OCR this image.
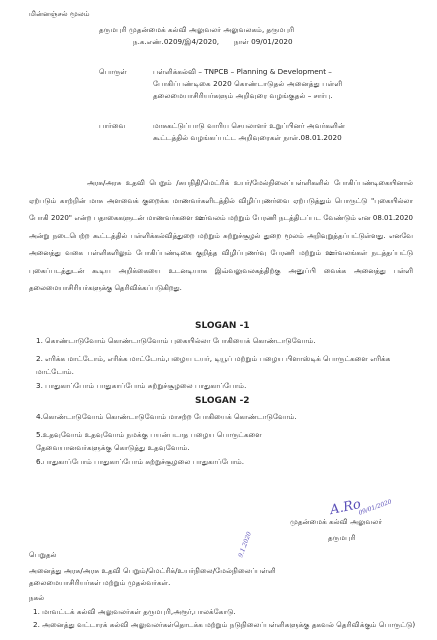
மின்னஞ்சல் மூலம்
தருமபுரி முதன்மைக் கல்வி அலுவலர் அலுவலகம், தருமபுரி
ந.க.எண்.0209/இ4/2020, நாள் 09/01/2020
பொருள்	பள்ளிக்கல்வி – TNPCB – Planning & Development –
போகிப்பண்டிகை 2020 கொண்டாடுதல் அனைத்து பள்ளி
தலைமையாசிரியர்களும் அறிவுரை வழங்குதல் – சார்பு.
பார்வை	மாசுகட்டுப்பாடு வாரிய செயலாளர் உறுப்பினர் அவர்களின்
கூட்டத்தில் வழங்கப்பட்ட அறிவுரைகள் நாள்.08.01.2020
அரசு/அரசு உதவி பெறும் /சுயநிதி/மெட்ரிக் உயர்/மேல்நிலைப்பள்ளிகளில் போகிப்பண்டிகையினால் ஏற்படும் காற்றின் மாசு அளவைக் குறைக்க மாணவர்களிடத்தில் விழிப்புணர்வை ஏற்படுத்தும் பொருட்டு "புகையில்லா போகி 2020" என்ற பதாகைகளுடன் மாணவர்களை ஊர்வலம் மற்றும் பேரணி நடத்திடப்பட வேண்டும் என 08.01.2020 அன்று நடைபெற்ற கூட்டத்தில் பள்ளிக்கல்வித்துறை மற்றும் சுற்றுச்சூழல் துறை மூலம் அறிவுறுத்தப்பட்டுள்ளது. எனவே அனைத்து வகை பள்ளிகளிலும் போகிப்பண்டிகை குறித்த விழிப்புணர்வு பேரணி மற்றும் ஊர்வலங்கள் நடத்தப்பட்டு புகைப்படத்துடன் கூடிய அறிக்கையை உடனடியாக இவ்வலுவலகத்திற்கு அனுப்பி வைக்க அனைத்து பள்ளி தலைமையாசிரியர்களுக்கு தெரிவிக்கப்படுகிறது.
SLOGAN -1
1. கொண்டாடுவோம் கொண்டாடுவோம் புகையில்லா போகியைக் கொண்டாடுவோம்.
2. எரிக்க மாட்டோம், எரிக்க மாட்டோம்,பழைய டயர், டியூப் மற்றும் பழைய பிளாஸ்டிக் பொருட்களை எரிக்க மாட்டோம்.
3. பாதுகாப்போம் பாதுகாப்போம் சுற்றுச்சூழலை பாதுகாப்போம்.
SLOGAN -2
4.கொண்டாடுவோம் கொண்டாடுவோம் மாசற்ற போகியைக் கொண்டாடுவோம்.
5.உதவுவோம் உதவுவோம் நமக்கு பயன்படாத பழைய பொருட்களை தேவையானவர்களுக்கு கொடுத்து உதவுவோம்.
6.பாதுகாப்போம் பாதுகாப்போம் சுற்றுச்சூழலை பாதுகாப்போம்.
A.Ro
09/01/2020
முதன்மைக் கல்வி அலுவலர்
தருமபுரி
9.1.2020
பெறுதல்
அனைத்து அரசு/அரசு உதவி பெறும்/மெட்ரிக்/உயர்நிலை/மேல்நிலைப்பள்ளி
தலைமையாசிரியர்கள் மற்றும் முதல்வர்கள்.
நகல்
1. மாவட்டக் கல்வி அலுவலர்கள் தருமபுரி,அரூர்,பாலக்கோடு.
2. அனைத்து வட்டாரக் கல்வி அலுவலர்கள்தொடக்க மற்றும் நடுநிலைப்பள்ளிகளுக்கு தகவல் தெரிவிக்கும் பொருட்டு)
